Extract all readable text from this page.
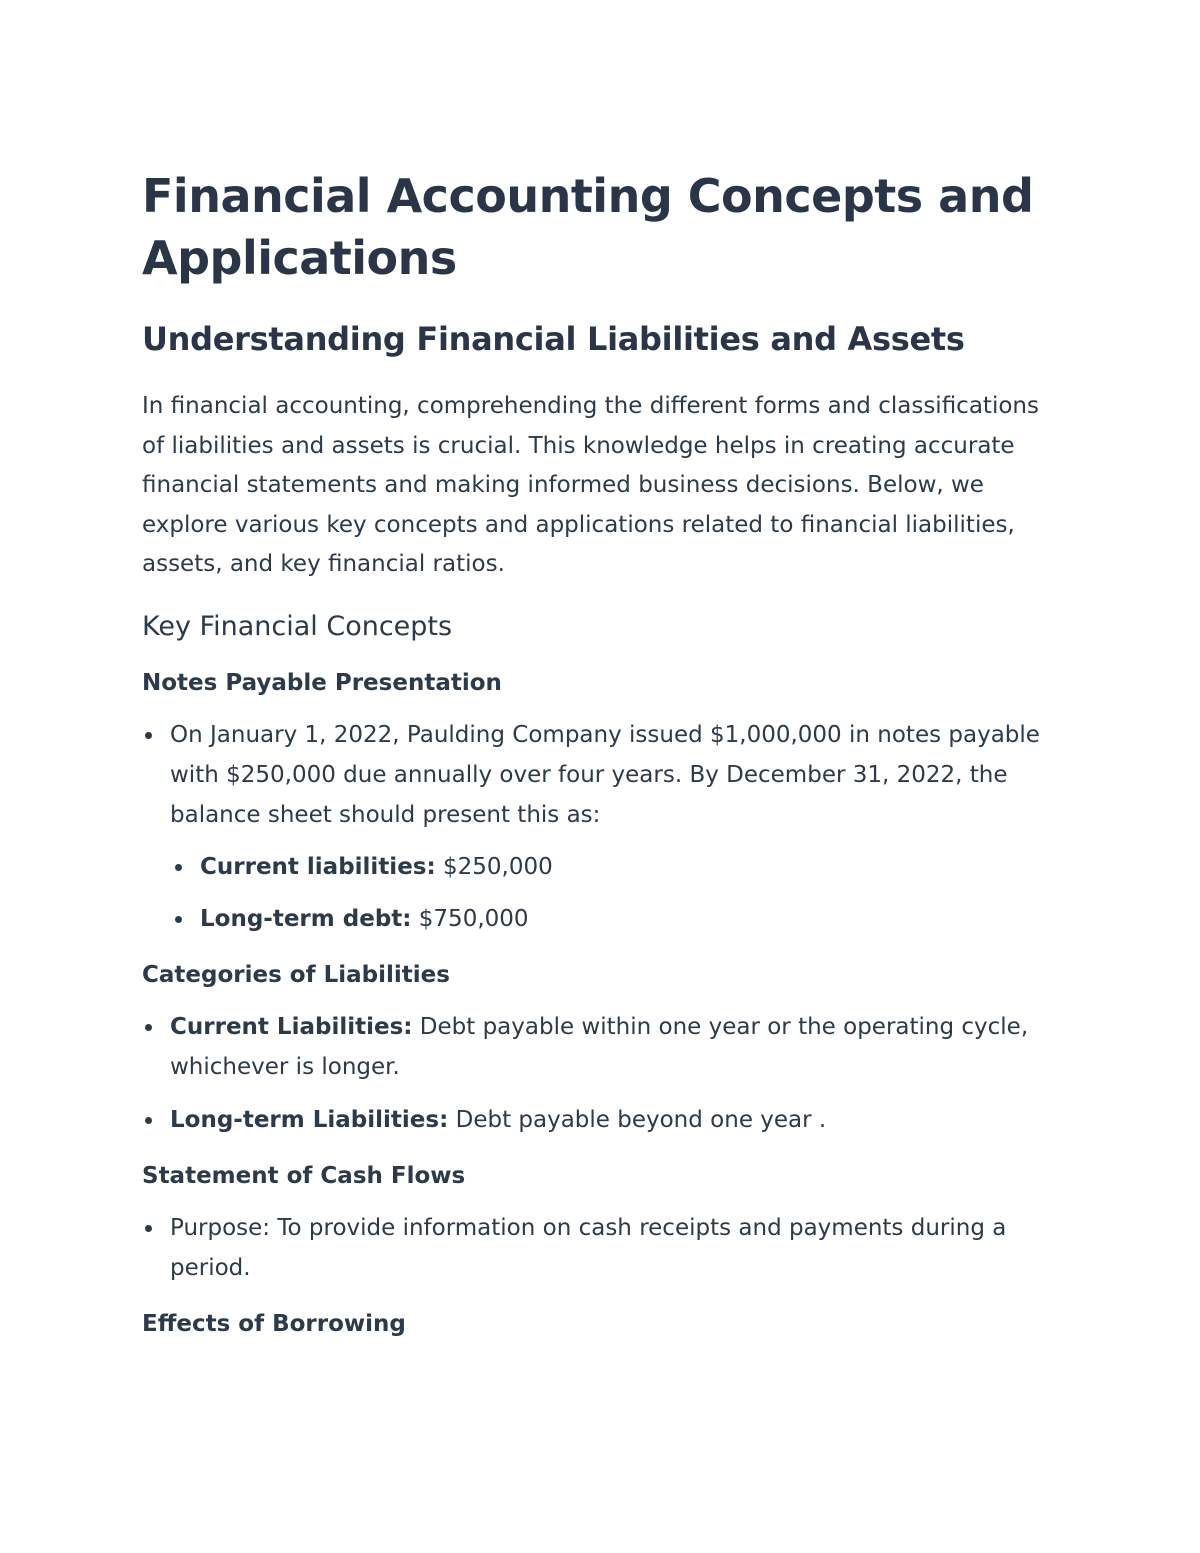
Financial Accounting Concepts and Applications
Understanding Financial Liabilities and Assets

In financial accounting, comprehending the different forms and classifications of liabilities and assets is crucial. This knowledge helps in creating accurate financial statements and making informed business decisions. Below, we explore various key concepts and applications related to financial liabilities, assets, and key financial ratios.

Key Financial Concepts
Notes Payable Presentation
On January 1, 2022, Paulding Company issued $1,000,000 in notes payable with $250,000 due annually over four years. By December 31, 2022, the balance sheet should present this as:
Current liabilities: $250,000
Long-term debt: $750,000
Categories of Liabilities
Current Liabilities: Debt payable within one year or the operating cycle, whichever is longer.
Long-term Liabilities: Debt payable beyond one year .
Statement of Cash Flows
Purpose: To provide information on cash receipts and payments during a period.
Effects of Borrowing
